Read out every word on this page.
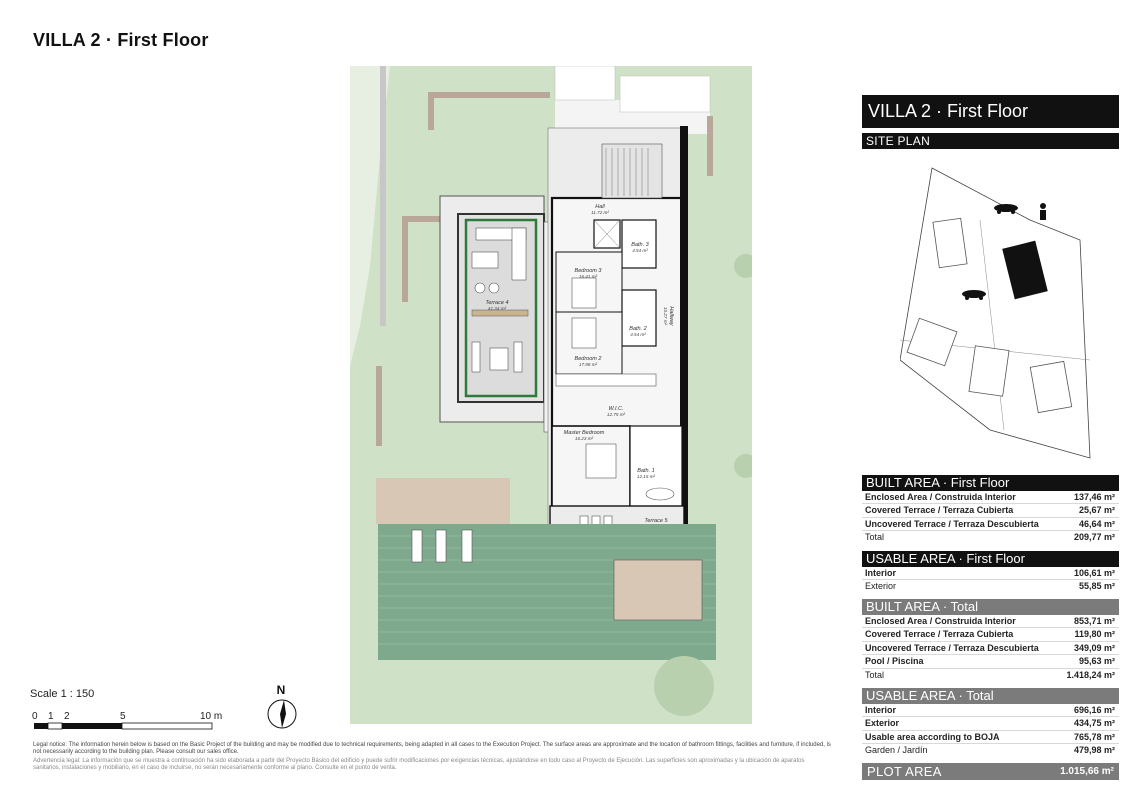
VILLA 2 · First Floor
Terrace 4
41.34 m²
Hall
11.72 m²
Bath. 3
4.54 m²
Bedroom 3
16.41 m²
Bath. 2
4.54 m²
Hallway
10.27 m²
Bedroom 2
17.98 m²
W.I.C.
12.75 m²
Master Bedroom
16.23 m²
Bath. 1
12.15 m²
Terrace 5
VILLA 2 · First Floor
SITE PLAN
BUILT AREA · First Floor
Enclosed Area / Construida Interior	137,46 m²
Covered Terrace / Terraza Cubierta	25,67 m²
Uncovered Terrace / Terraza Descubierta	46,64 m²
Total	209,77 m²
USABLE AREA · First Floor
Interior	106,61 m²
Exterior	55,85 m²
BUILT AREA · Total
Enclosed Area / Construida Interior	853,71 m²
Covered Terrace / Terraza Cubierta	119,80 m²
Uncovered Terrace / Terraza Descubierta	349,09 m²
Pool / Piscina	95,63 m²
Total	1.418,24 m²
USABLE AREA · Total
Interior	696,16 m²
Exterior	434,75 m²
Usable area according to BOJA	765,78 m²
Garden / Jardín	479,98 m²
PLOT AREA	1.015,66 m²
Scale 1 : 150
0 1 2	5	10 m
N
Legal notice: The information herein below is based on the Basic Project of the building and may be modified due to technical requirements, being adapted in all cases to the Execution Project. The surface areas are approximate and the location of bathroom fittings, facilities and furniture, if included, is not necessarily according to the building plan. Please consult our sales office.
Advertencia legal: La información que se muestra a continuación ha sido elaborada a partir del Proyecto Básico del edificio y puede sufrir modificaciones por exigencias técnicas, ajustándose en todo caso al Proyecto de Ejecución. Las superficies son aproximadas y la ubicación de aparatos sanitarios, instalaciones y mobiliario, en el caso de incluirse, no serán necesariamente conforme al plano. Consulte en el punto de venta.
